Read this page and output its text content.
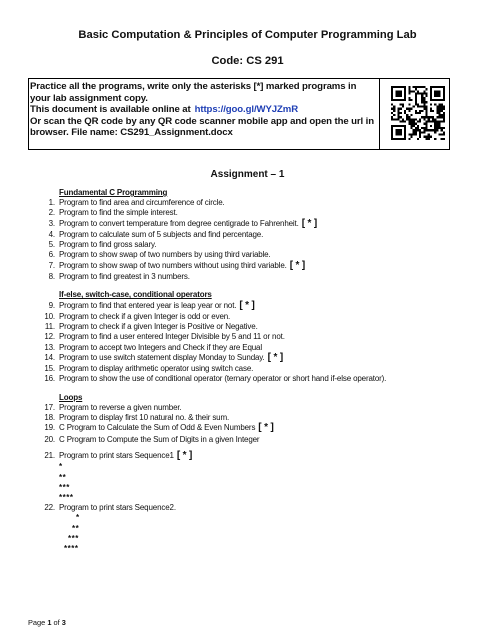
Basic Computation & Principles of Computer Programming Lab
Code: CS 291
Practice all the programs, write only the asterisks [*] marked programs in
your lab assignment copy.
This document is available online at https://goo.gl/WYJZmR
Or scan the QR code by any QR code scanner mobile app and open the url in
browser. File name: CS291_Assignment.docx
Assignment – 1
Fundamental C Programming
1. Program to find area and circumference of circle.
2. Program to find the simple interest.
3. Program to convert temperature from degree centigrade to Fahrenheit. [ * ]
4. Program to calculate sum of 5 subjects and find percentage.
5. Program to find gross salary.
6. Program to show swap of two numbers by using third variable.
7. Program to show swap of two numbers without using third variable. [ * ]
8. Program to find greatest in 3 numbers.
If-else, switch-case, conditional operators
9. Program to find that entered year is leap year or not. [ * ]
10. Program to check if a given Integer is odd or even.
11. Program to check if a given Integer is Positive or Negative.
12. Program to find a user entered Integer Divisible by 5 and 11 or not.
13. Program to accept two Integers and Check if they are Equal
14. Program to use switch statement display Monday to Sunday. [ * ]
15. Program to display arithmetic operator using switch case.
16. Program to show the use of conditional operator (ternary operator or short hand if-else operator).
Loops
17. Program to reverse a given number.
18. Program to display first 10 natural no. & their sum.
19. C Program to Calculate the Sum of Odd & Even Numbers [ * ]
20. C Program to Compute the Sum of Digits in a given Integer
21. Program to print stars Sequence1 [ * ]
*
**
***
****
22. Program to print stars Sequence2.
*
**
***
****
Page 1 of 3
